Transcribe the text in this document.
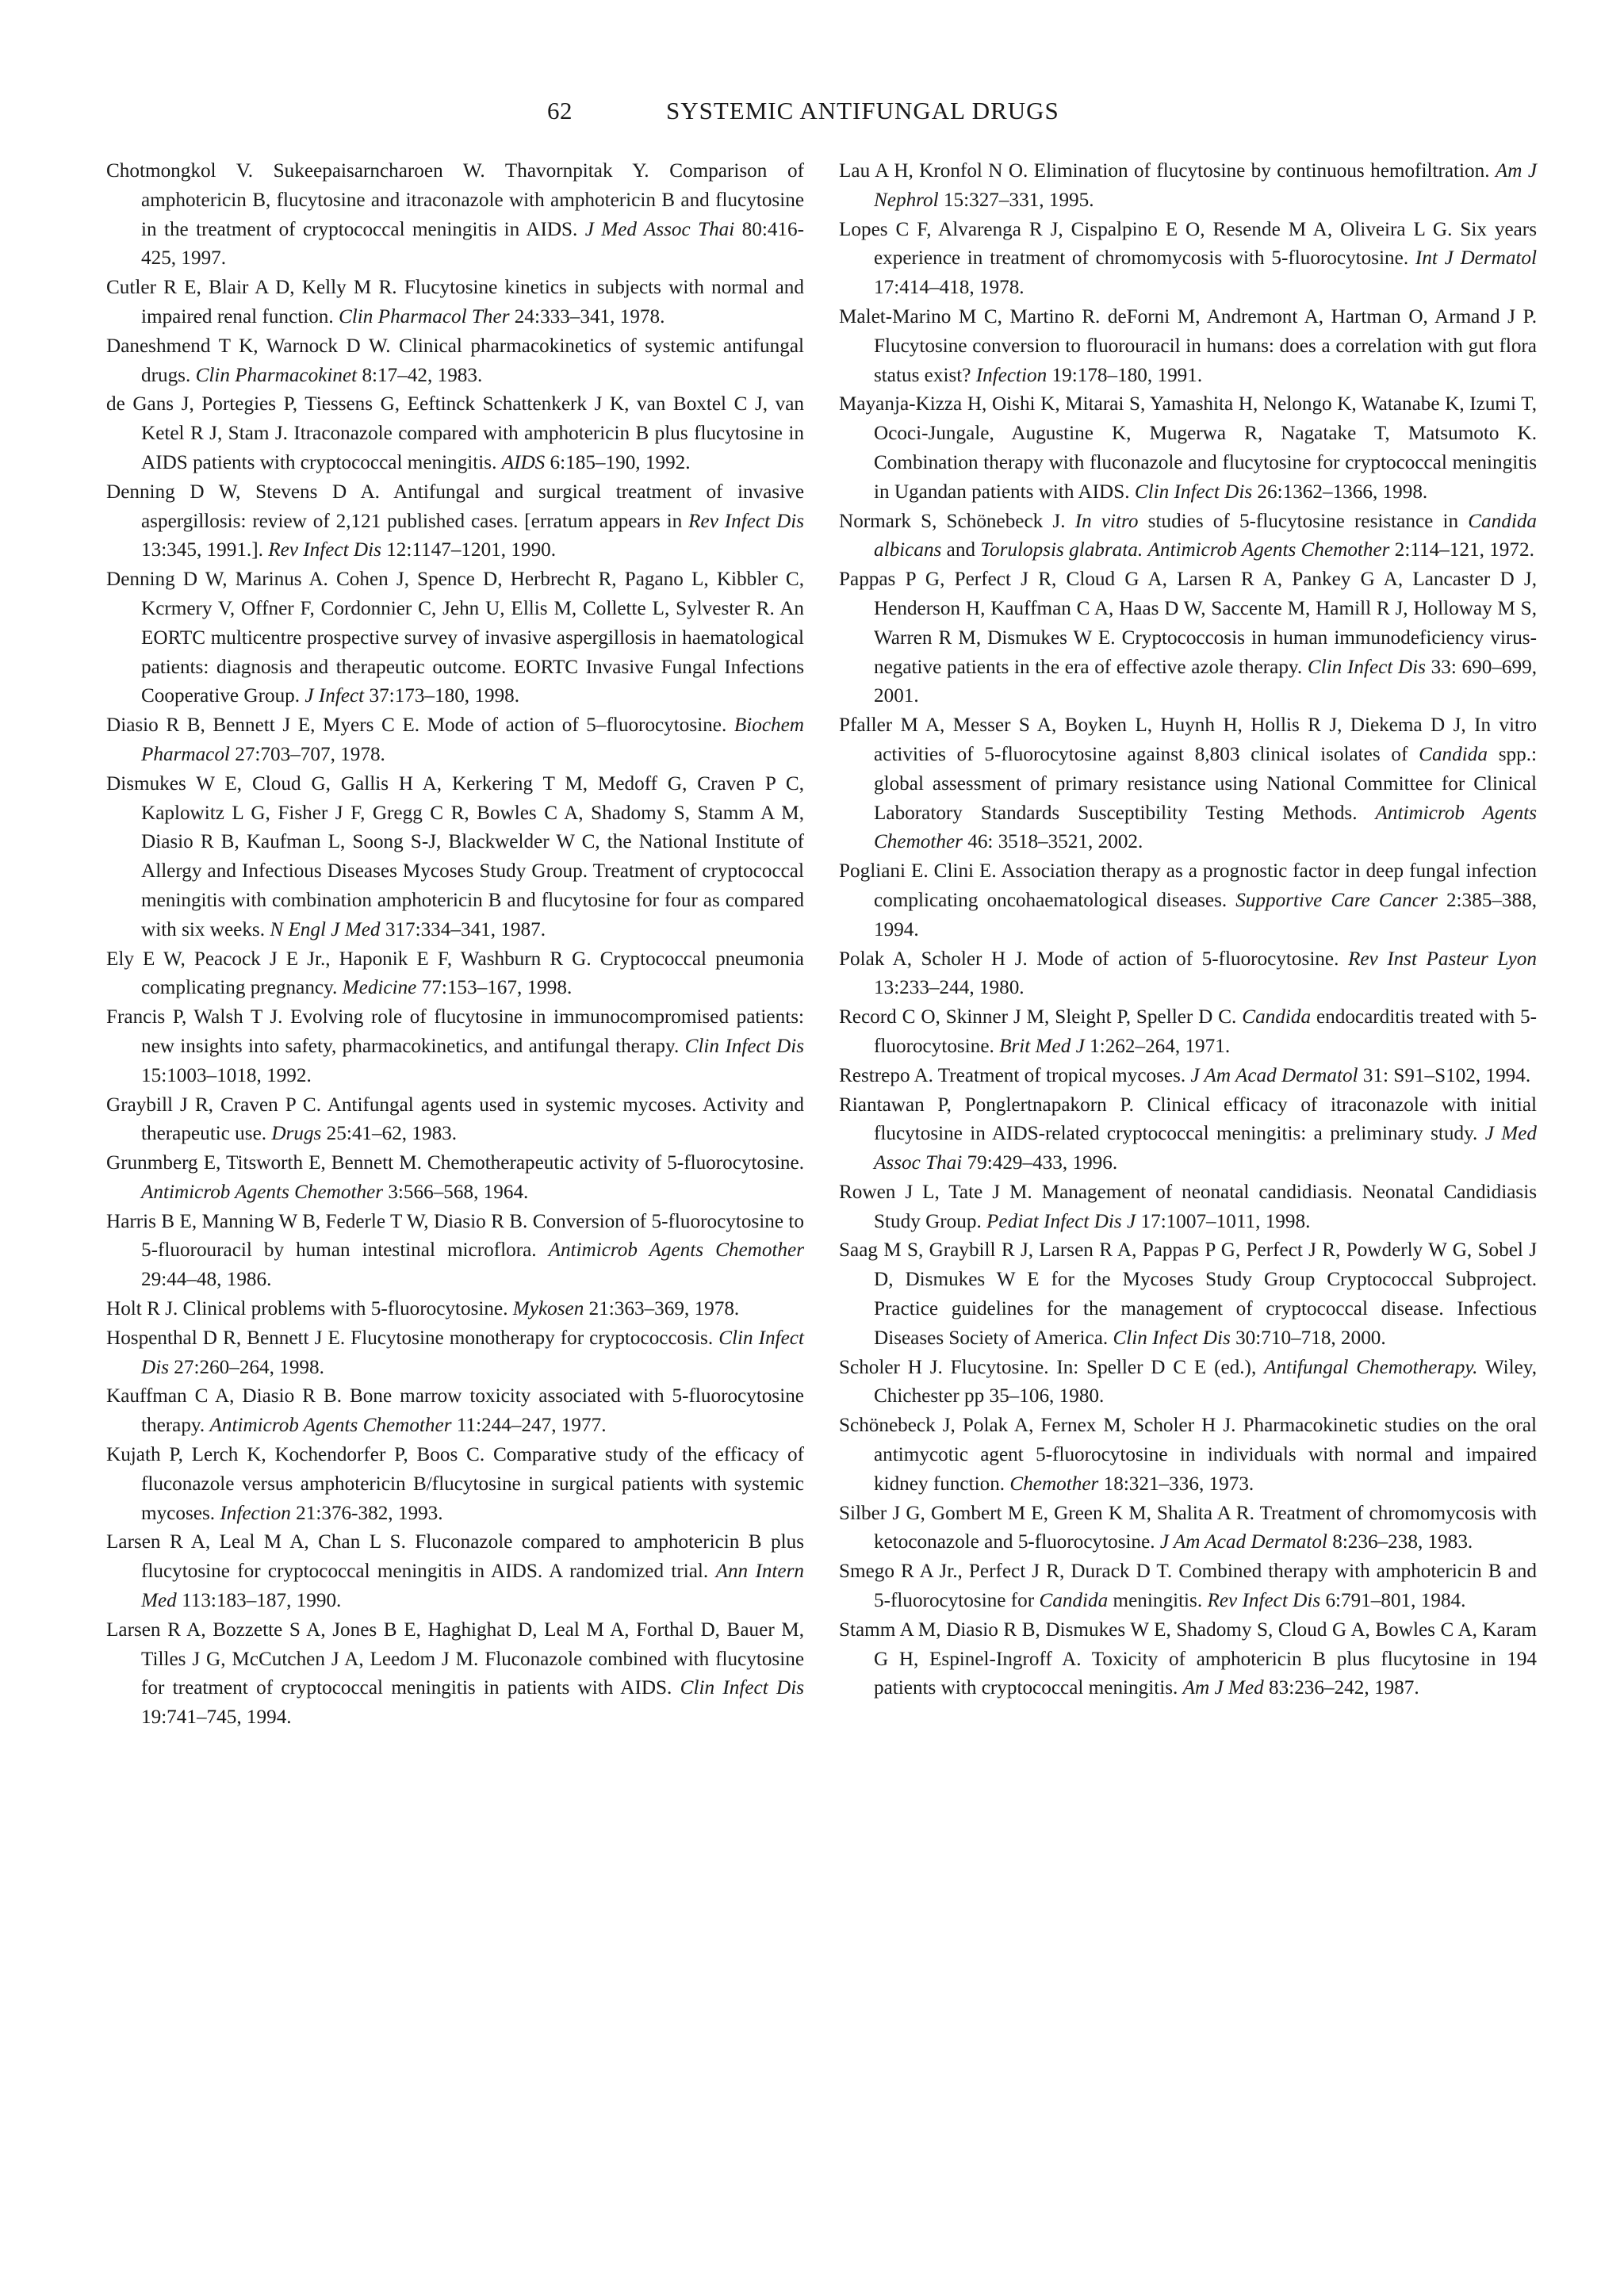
62	SYSTEMIC ANTIFUNGAL DRUGS

Chotmongkol V. Sukeepaisarncharoen W. Thavornpitak Y. Comparison of amphotericin B, flucytosine and itraconazole with amphotericin B and flucytosine in the treatment of cryptococcal meningitis in AIDS. J Med Assoc Thai 80:416-425, 1997.

Cutler R E, Blair A D, Kelly M R. Flucytosine kinetics in subjects with normal and impaired renal function. Clin Pharmacol Ther 24:333–341, 1978.

Daneshmend T K, Warnock D W. Clinical pharmacokinetics of systemic antifungal drugs. Clin Pharmacokinet 8:17–42, 1983.

de Gans J, Portegies P, Tiessens G, Eeftinck Schattenkerk J K, van Boxtel C J, van Ketel R J, Stam J. Itraconazole compared with amphotericin B plus flucytosine in AIDS patients with cryptococcal meningitis. AIDS 6:185–190, 1992.

Denning D W, Stevens D A. Antifungal and surgical treatment of invasive aspergillosis: review of 2,121 published cases. [erratum appears in Rev Infect Dis 13:345, 1991.]. Rev Infect Dis 12:1147–1201, 1990.

Denning D W, Marinus A. Cohen J, Spence D, Herbrecht R, Pagano L, Kibbler C, Kcrmery V, Offner F, Cordonnier C, Jehn U, Ellis M, Collette L, Sylvester R. An EORTC multicentre prospective survey of invasive aspergillosis in haematological patients: diagnosis and therapeutic outcome. EORTC Invasive Fungal Infections Cooperative Group. J Infect 37:173–180, 1998.

Diasio R B, Bennett J E, Myers C E. Mode of action of 5–fluorocytosine. Biochem Pharmacol 27:703–707, 1978.

Dismukes W E, Cloud G, Gallis H A, Kerkering T M, Medoff G, Craven P C, Kaplowitz L G, Fisher J F, Gregg C R, Bowles C A, Shadomy S, Stamm A M, Diasio R B, Kaufman L, Soong S-J, Blackwelder W C, the National Institute of Allergy and Infectious Diseases Mycoses Study Group. Treatment of cryptococcal meningitis with combination amphotericin B and flucytosine for four as compared with six weeks. N Engl J Med 317:334–341, 1987.

Ely E W, Peacock J E Jr., Haponik E F, Washburn R G. Cryptococcal pneumonia complicating pregnancy. Medicine 77:153–167, 1998.

Francis P, Walsh T J. Evolving role of flucytosine in immunocompromised patients: new insights into safety, pharmacokinetics, and antifungal therapy. Clin Infect Dis 15:1003–1018, 1992.

Graybill J R, Craven P C. Antifungal agents used in systemic mycoses. Activity and therapeutic use. Drugs 25:41–62, 1983.

Grunmberg E, Titsworth E, Bennett M. Chemotherapeutic activity of 5-fluorocytosine. Antimicrob Agents Chemother 3:566–568, 1964.

Harris B E, Manning W B, Federle T W, Diasio R B. Conversion of 5-fluorocytosine to 5-fluorouracil by human intestinal microflora. Antimicrob Agents Chemother 29:44–48, 1986.

Holt R J. Clinical problems with 5-fluorocytosine. Mykosen 21:363–369, 1978.

Hospenthal D R, Bennett J E. Flucytosine monotherapy for cryptococcosis. Clin Infect Dis 27:260–264, 1998.

Kauffman C A, Diasio R B. Bone marrow toxicity associated with 5-fluorocytosine therapy. Antimicrob Agents Chemother 11:244–247, 1977.

Kujath P, Lerch K, Kochendorfer P, Boos C. Comparative study of the efficacy of fluconazole versus amphotericin B/flucytosine in surgical patients with systemic mycoses. Infection 21:376-382, 1993.

Larsen R A, Leal M A, Chan L S. Fluconazole compared to amphotericin B plus flucytosine for cryptococcal meningitis in AIDS. A randomized trial. Ann Intern Med 113:183–187, 1990.

Larsen R A, Bozzette S A, Jones B E, Haghighat D, Leal M A, Forthal D, Bauer M, Tilles J G, McCutchen J A, Leedom J M. Fluconazole combined with flucytosine for treatment of cryptococcal meningitis in patients with AIDS. Clin Infect Dis 19:741–745, 1994.

Lau A H, Kronfol N O. Elimination of flucytosine by continuous hemofiltration. Am J Nephrol 15:327–331, 1995.

Lopes C F, Alvarenga R J, Cispalpino E O, Resende M A, Oliveira L G. Six years experience in treatment of chromomycosis with 5-fluorocytosine. Int J Dermatol 17:414–418, 1978.

Malet-Marino M C, Martino R. deForni M, Andremont A, Hartman O, Armand J P. Flucytosine conversion to fluorouracil in humans: does a correlation with gut flora status exist? Infection 19:178–180, 1991.

Mayanja-Kizza H, Oishi K, Mitarai S, Yamashita H, Nelongo K, Watanabe K, Izumi T, Ococi-Jungale, Augustine K, Mugerwa R, Nagatake T, Matsumoto K. Combination therapy with fluconazole and flucytosine for cryptococcal meningitis in Ugandan patients with AIDS. Clin Infect Dis 26:1362–1366, 1998.

Normark S, Schönebeck J. In vitro studies of 5-flucytosine resistance in Candida albicans and Torulopsis glabrata. Antimicrob Agents Chemother 2:114–121, 1972.

Pappas P G, Perfect J R, Cloud G A, Larsen R A, Pankey G A, Lancaster D J, Henderson H, Kauffman C A, Haas D W, Saccente M, Hamill R J, Holloway M S, Warren R M, Dismukes W E. Cryptococcosis in human immunodeficiency virus-negative patients in the era of effective azole therapy. Clin Infect Dis 33: 690–699, 2001.

Pfaller M A, Messer S A, Boyken L, Huynh H, Hollis R J, Diekema D J, In vitro activities of 5-fluorocytosine against 8,803 clinical isolates of Candida spp.: global assessment of primary resistance using National Committee for Clinical Laboratory Standards Susceptibility Testing Methods. Antimicrob Agents Chemother 46: 3518–3521, 2002.

Pogliani E. Clini E. Association therapy as a prognostic factor in deep fungal infection complicating oncohaematological diseases. Supportive Care Cancer 2:385–388, 1994.

Polak A, Scholer H J. Mode of action of 5-fluorocytosine. Rev Inst Pasteur Lyon 13:233–244, 1980.

Record C O, Skinner J M, Sleight P, Speller D C. Candida endocarditis treated with 5-fluorocytosine. Brit Med J 1:262–264, 1971.

Restrepo A. Treatment of tropical mycoses. J Am Acad Dermatol 31: S91–S102, 1994.

Riantawan P, Ponglertnapakorn P. Clinical efficacy of itraconazole with initial flucytosine in AIDS-related cryptococcal meningitis: a preliminary study. J Med Assoc Thai 79:429–433, 1996.

Rowen J L, Tate J M. Management of neonatal candidiasis. Neonatal Candidiasis Study Group. Pediat Infect Dis J 17:1007–1011, 1998.

Saag M S, Graybill R J, Larsen R A, Pappas P G, Perfect J R, Powderly W G, Sobel J D, Dismukes W E for the Mycoses Study Group Cryptococcal Subproject. Practice guidelines for the management of cryptococcal disease. Infectious Diseases Society of America. Clin Infect Dis 30:710–718, 2000.

Scholer H J. Flucytosine. In: Speller D C E (ed.), Antifungal Chemotherapy. Wiley, Chichester pp 35–106, 1980.

Schönebeck J, Polak A, Fernex M, Scholer H J. Pharmacokinetic studies on the oral antimycotic agent 5-fluorocytosine in individuals with normal and impaired kidney function. Chemother 18:321–336, 1973.

Silber J G, Gombert M E, Green K M, Shalita A R. Treatment of chromomycosis with ketoconazole and 5-fluorocytosine. J Am Acad Dermatol 8:236–238, 1983.

Smego R A Jr., Perfect J R, Durack D T. Combined therapy with amphotericin B and 5-fluorocytosine for Candida meningitis. Rev Infect Dis 6:791–801, 1984.

Stamm A M, Diasio R B, Dismukes W E, Shadomy S, Cloud G A, Bowles C A, Karam G H, Espinel-Ingroff A. Toxicity of amphotericin B plus flucytosine in 194 patients with cryptococcal meningitis. Am J Med 83:236–242, 1987.
